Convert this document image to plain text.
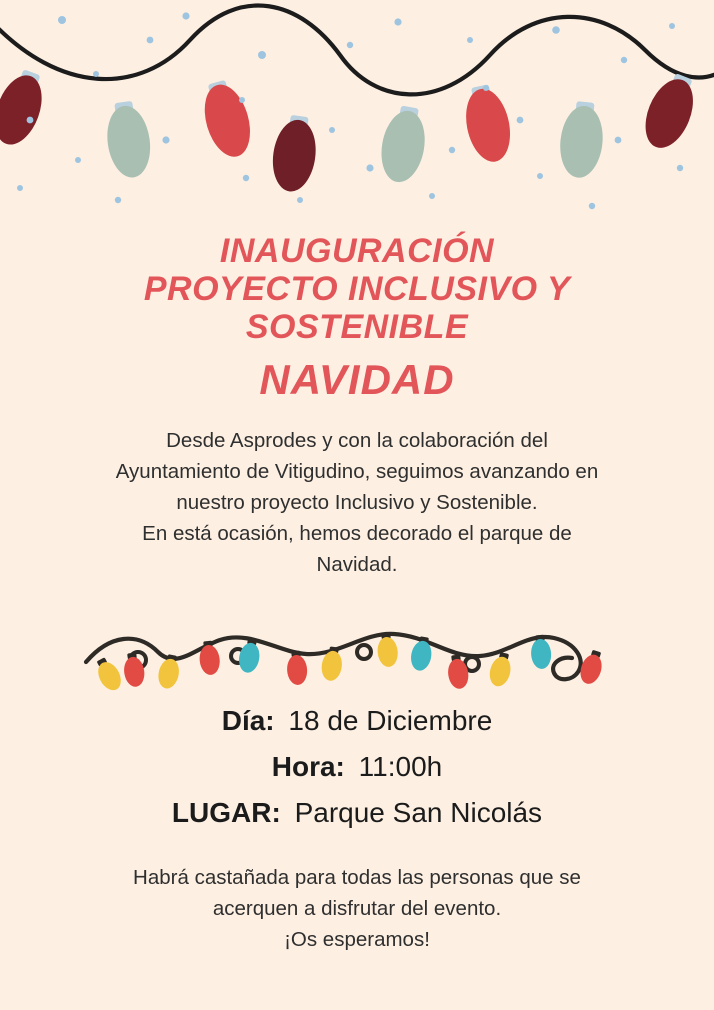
INAUGURACIÓN
PROYECTO INCLUSIVO Y
SOSTENIBLE
NAVIDAD
Desde Asprodes y con la colaboración del
Ayuntamiento de Vitigudino, seguimos avanzando en
nuestro proyecto Inclusivo y Sostenible.
En está ocasión, hemos decorado el parque de
Navidad.
Día: 18 de Diciembre
Hora: 11:00h
LUGAR: Parque San Nicolás
Habrá castañada para todas las personas que se
acerquen a disfrutar del evento.
¡Os esperamos!
